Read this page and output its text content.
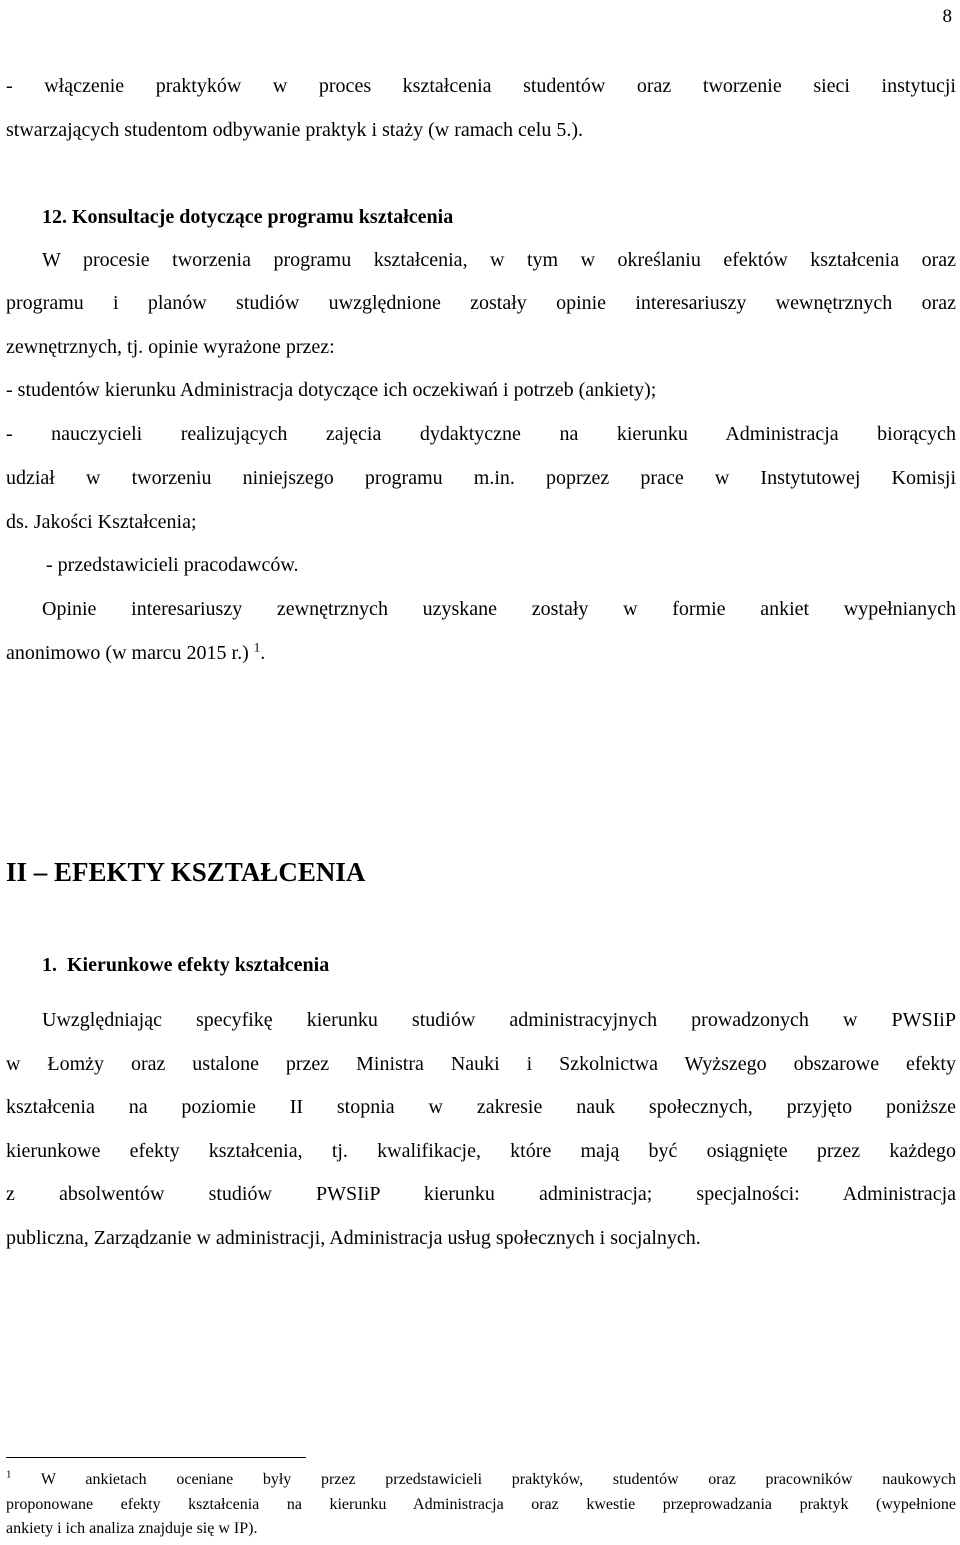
8
- włączenie praktyków w proces kształcenia studentów oraz tworzenie sieci instytucji
stwarzających studentom odbywanie praktyk i staży (w ramach celu 5.).
12. Konsultacje dotyczące programu kształcenia
W procesie tworzenia programu kształcenia, w tym w określaniu efektów kształcenia oraz
programu i planów studiów uwzględnione zostały opinie interesariuszy wewnętrznych oraz
zewnętrznych, tj. opinie wyrażone przez:
- studentów kierunku Administracja dotyczące ich oczekiwań i potrzeb (ankiety);
- nauczycieli realizujących zajęcia dydaktyczne na kierunku Administracja biorących
udział w tworzeniu niniejszego programu m.in. poprzez prace w Instytutowej Komisji
ds. Jakości Kształcenia;
- przedstawicieli pracodawców.
Opinie interesariuszy zewnętrznych uzyskane zostały w formie ankiet wypełnianych
anonimowo (w marcu 2015 r.) $^1$.
II – EFEKTY KSZTAŁCENIA
1.  Kierunkowe efekty kształcenia
Uwzględniając specyfikę kierunku studiów administracyjnych prowadzonych w PWSIiP
w Łomży oraz ustalone przez Ministra Nauki i Szkolnictwa Wyższego obszarowe efekty
kształcenia na poziomie II stopnia w zakresie nauk społecznych, przyjęto poniższe
kierunkowe efekty kształcenia, tj. kwalifikacje, które mają być osiągnięte przez każdego
z absolwentów studiów PWSIiP kierunku administracja; specjalności: Administracja
publiczna, Zarządzanie w administracji, Administracja usług społecznych i socjalnych.
$^1$ W ankietach oceniane były przez przedstawicieli praktyków, studentów oraz pracowników naukowych
proponowane efekty kształcenia na kierunku Administracja oraz kwestie przeprowadzania praktyk (wypełnione
ankiety i ich analiza znajduje się w IP).
